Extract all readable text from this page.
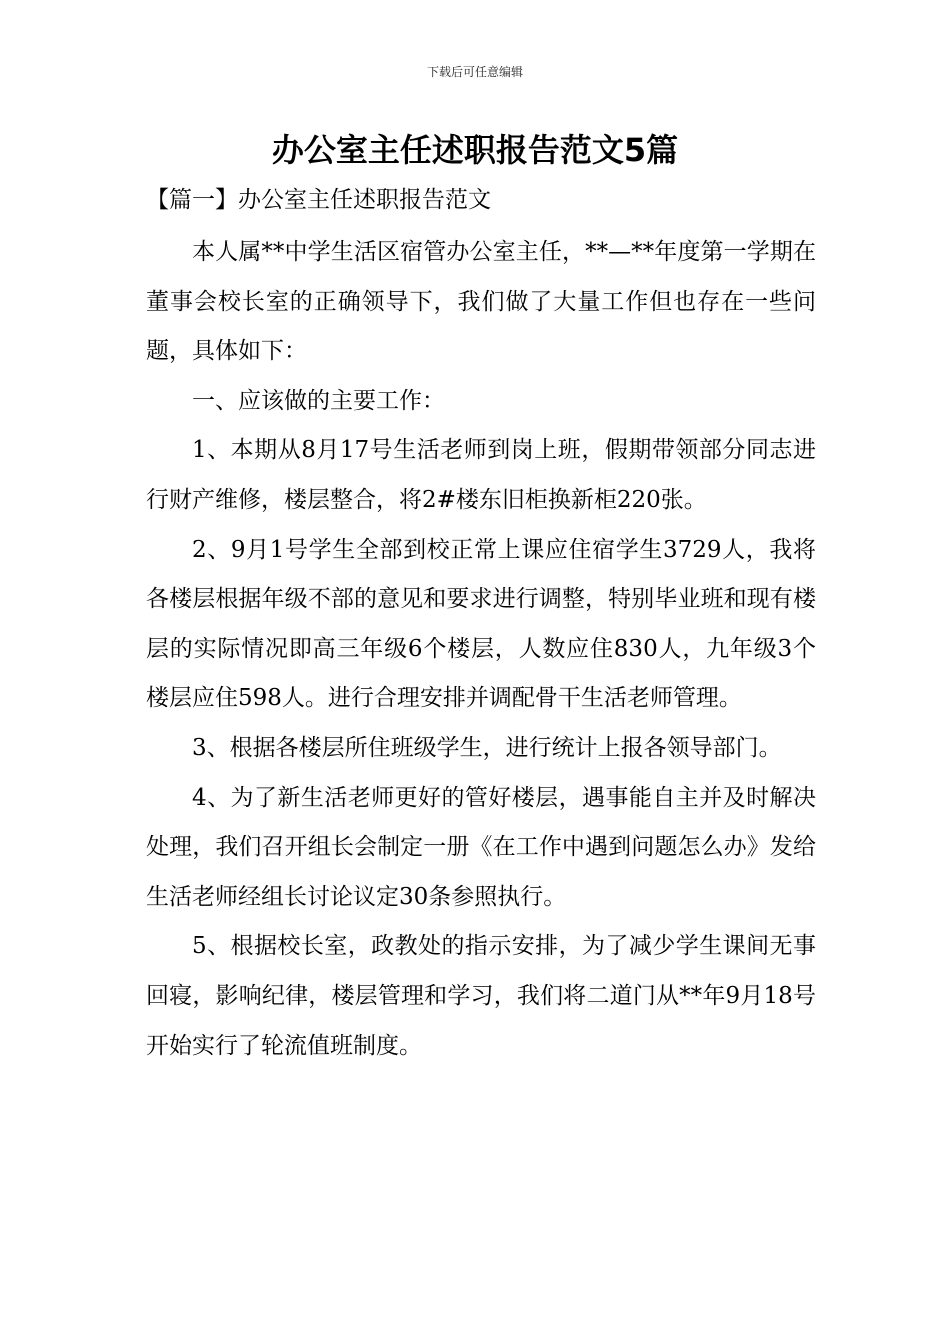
下载后可任意编辑
办公室主任述职报告范文5篇
【篇一】办公室主任述职报告范文

本人属**中学生活区宿管办公室主任，**—**年度第一学期在董事会校长室的正确领导下，我们做了大量工作但也存在一些问题，具体如下：

一、应该做的主要工作：

1、本期从8月17号生活老师到岗上班，假期带领部分同志进行财产维修，楼层整合，将2#楼东旧柜换新柜220张。

2、9月1号学生全部到校正常上课应住宿学生3729人，我将各楼层根据年级不部的意见和要求进行调整，特别毕业班和现有楼层的实际情况即高三年级6个楼层，人数应住830人，九年级3个楼层应住598人。进行合理安排并调配骨干生活老师管理。

3、根据各楼层所住班级学生，进行统计上报各领导部门。

4、为了新生活老师更好的管好楼层，遇事能自主并及时解决处理，我们召开组长会制定一册《在工作中遇到问题怎么办》发给生活老师经组长讨论议定30条参照执行。

5、根据校长室，政教处的指示安排，为了减少学生课间无事回寝，影响纪律，楼层管理和学习，我们将二道门从**年9月18号开始实行了轮流值班制度。
